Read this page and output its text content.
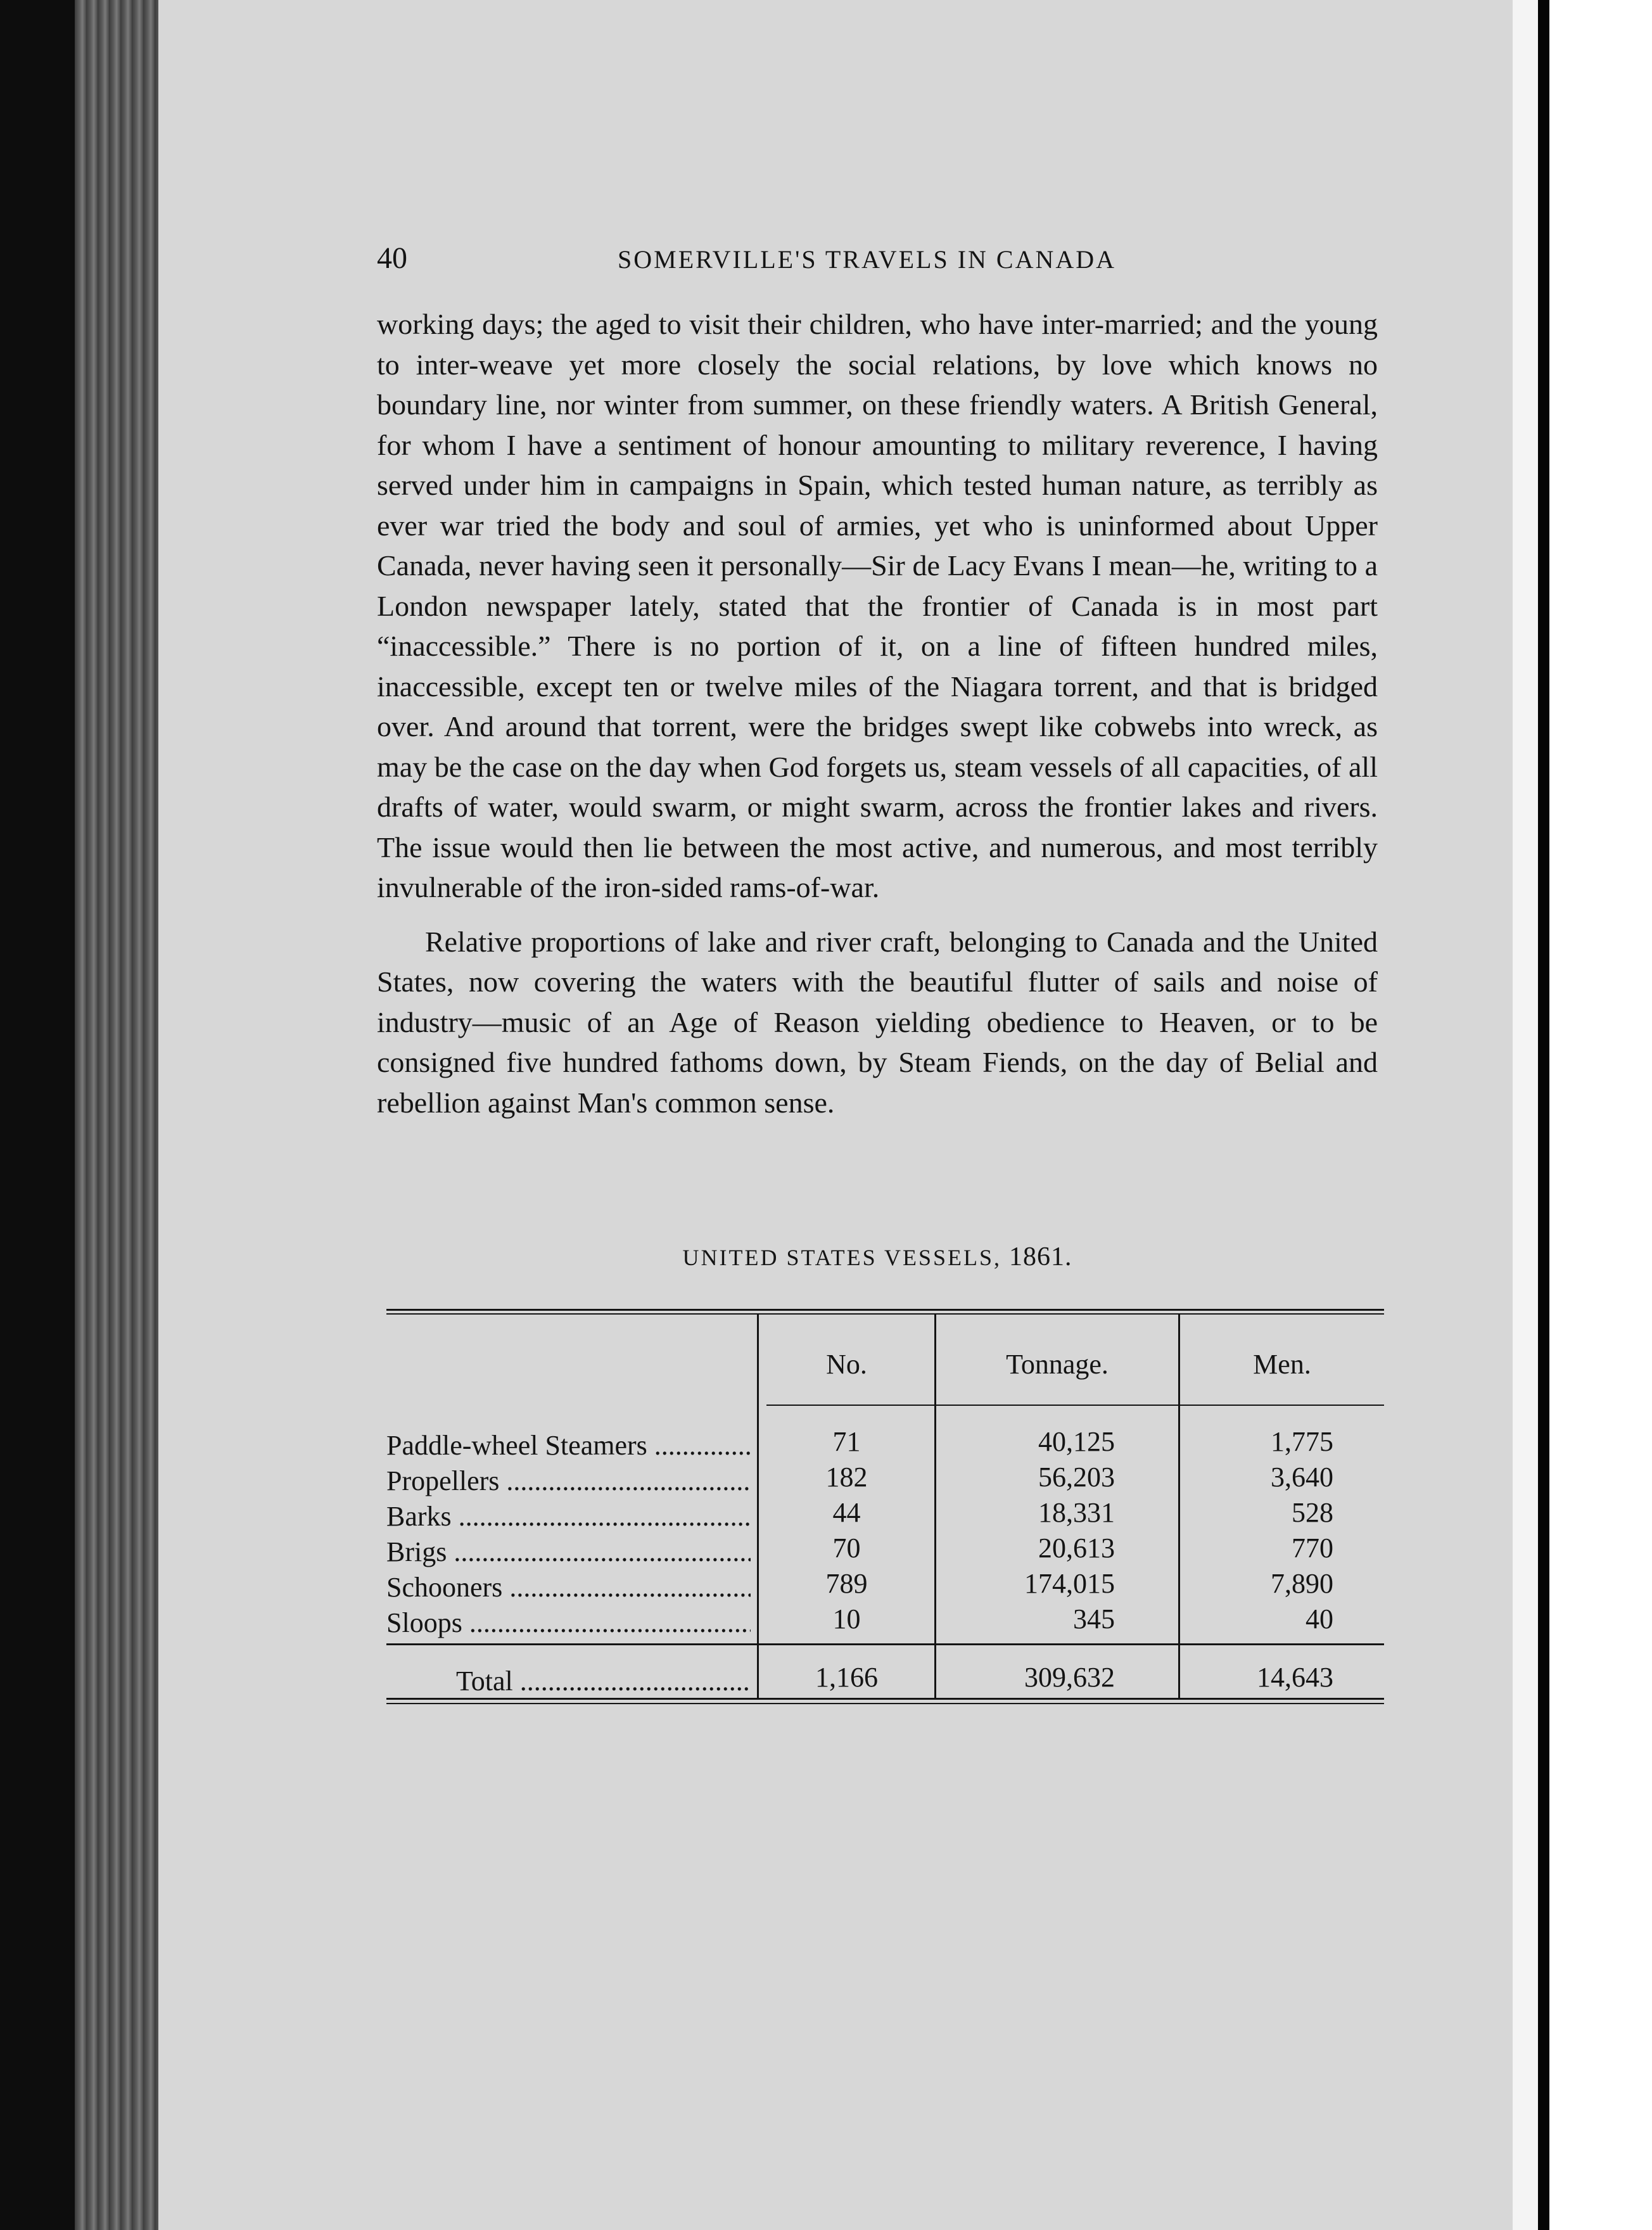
40	SOMERVILLE'S TRAVELS IN CANADA

working days; the aged to visit their children, who have inter-married; and the young to inter-weave yet more closely the social relations, by love which knows no boundary line, nor winter from summer, on these friendly waters. A British General, for whom I have a sentiment of honour amounting to military reverence, I having served under him in campaigns in Spain, which tested human nature, as terribly as ever war tried the body and soul of armies, yet who is uninformed about Upper Canada, never having seen it personally—Sir de Lacy Evans I mean—he, writing to a London newspaper lately, stated that the frontier of Canada is in most part “inaccessible.” There is no portion of it, on a line of fifteen hundred miles, inaccessible, except ten or twelve miles of the Niagara torrent, and that is bridged over. And around that torrent, were the bridges swept like cobwebs into wreck, as may be the case on the day when God forgets us, steam vessels of all capacities, of all drafts of water, would swarm, or might swarm, across the frontier lakes and rivers. The issue would then lie between the most active, and numerous, and most terribly invulnerable of the iron-sided rams-of-war.

Relative proportions of lake and river craft, belonging to Canada and the United States, now covering the waters with the beautiful flutter of sails and noise of industry—music of an Age of Reason yielding obedience to Heaven, or to be consigned five hundred fathoms down, by Steam Fiends, on the day of Belial and rebellion against Man's common sense.

UNITED STATES VESSELS, 1861.
No.	Tonnage.	Men.
Paddle-wheel Steamers .....	71	40,125	1,775
Propellers .....	182	56,203	3,640
Barks .....	44	18,331	528
Brigs .....	70	20,613	770
Schooners .....	789	174,015	7,890
Sloops .....	10	345	40
Total .....	1,166	309,632	14,643
